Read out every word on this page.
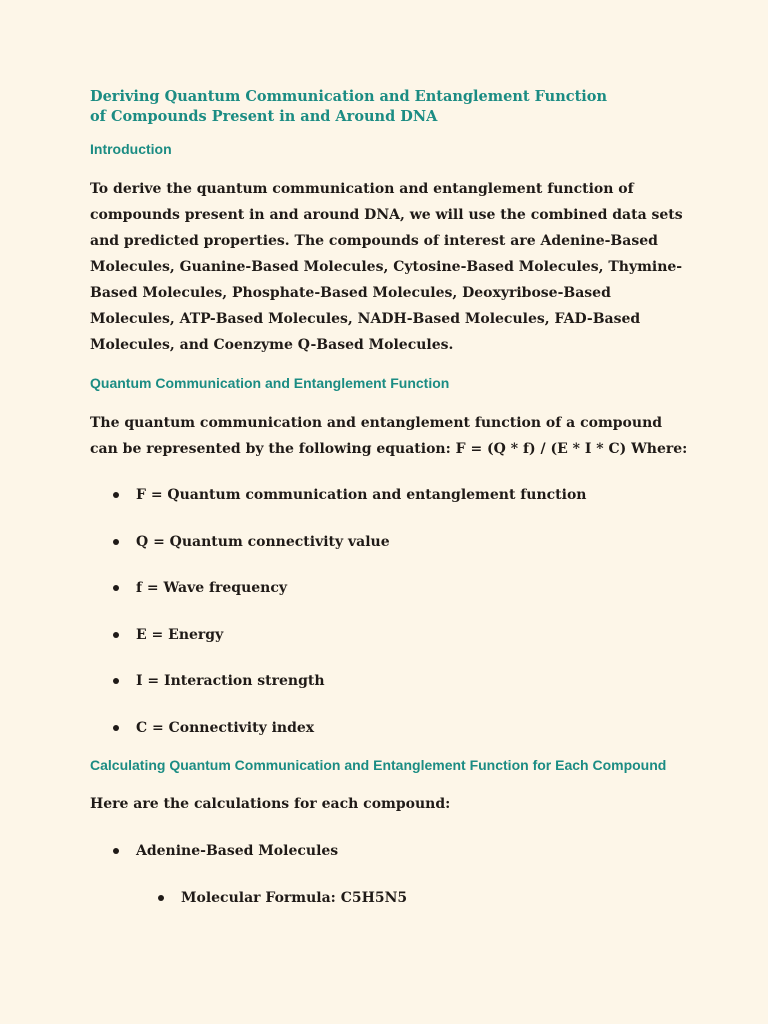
Deriving Quantum Communication and Entanglement Function of Compounds Present in and Around DNA
Introduction

To derive the quantum communication and entanglement function of compounds present in and around DNA, we will use the combined data sets and predicted properties. The compounds of interest are Adenine-Based Molecules, Guanine-Based Molecules, Cytosine-Based Molecules, Thymine-Based Molecules, Phosphate-Based Molecules, Deoxyribose-Based Molecules, ATP-Based Molecules, NADH-Based Molecules, FAD-Based Molecules, and Coenzyme Q-Based Molecules.

Quantum Communication and Entanglement Function

The quantum communication and entanglement function of a compound can be represented by the following equation: F = (Q * f) / (E * I * C) Where:

F = Quantum communication and entanglement function
Q = Quantum connectivity value
f = Wave frequency
E = Energy
I = Interaction strength
C = Connectivity index
Calculating Quantum Communication and Entanglement Function for Each Compound

Here are the calculations for each compound:

Adenine-Based Molecules
Molecular Formula: C5H5N5
